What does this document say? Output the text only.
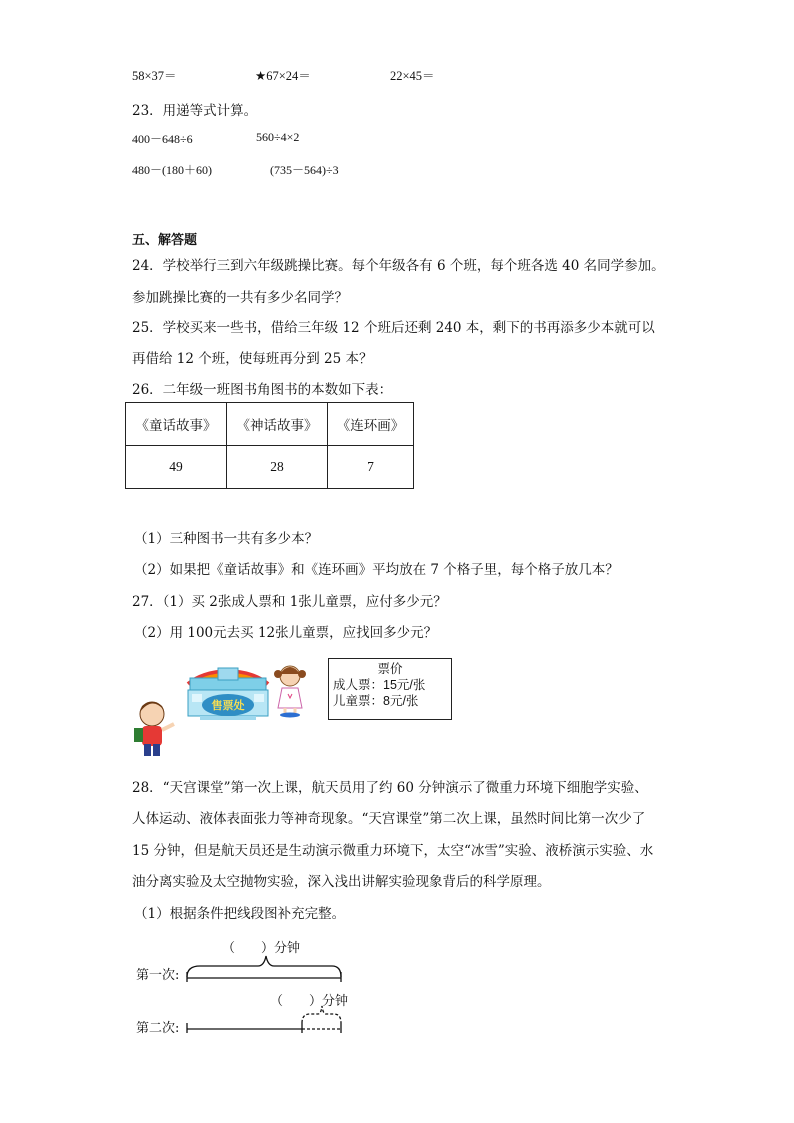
58×37＝	★67×24＝	22×45＝
23．用递等式计算。
400－648÷6	560÷4×2
480－(180＋60)	(735－564)÷3
五、解答题
24．学校举行三到六年级跳操比赛。每个年级各有 6 个班，每个班各选 40 名同学参加。
参加跳操比赛的一共有多少名同学？
25．学校买来一些书，借给三年级 12 个班后还剩 240 本，剩下的书再添多少本就可以
再借给 12 个班，使每班再分到 25 本？
26．二年级一班图书角图书的本数如下表：
《童话故事》	《神话故事》	《连环画》
49	28	7
（1）三种图书一共有多少本？
（2）如果把《童话故事》和《连环画》平均放在 7 个格子里，每个格子放几本？
27．（1）买 2张成人票和 1张儿童票，应付多少元？
（2）用 100元去买 12张儿童票，应找回多少元？
售票处
票价
成人票：15元/张
儿童票：8元/张
28．“天宫课堂”第一次上课，航天员用了约 60 分钟演示了微重力环境下细胞学实验、
人体运动、液体表面张力等神奇现象。“天宫课堂”第二次上课，虽然时间比第一次少了
15 分钟，但是航天员还是生动演示微重力环境下，太空“冰雪”实验、液桥演示实验、水
油分离实验及太空抛物实验，深入浅出讲解实验现象背后的科学原理。
（1）根据条件把线段图补充完整。
（　　）分钟
（　　）分钟
第一次:
第二次:
